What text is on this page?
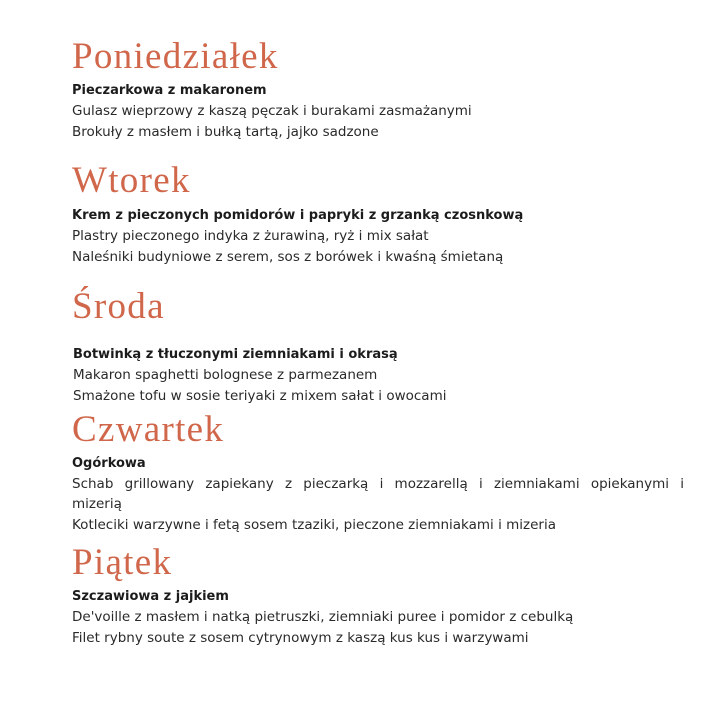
Poniedziałek

Pieczarkowa z makaronem

Gulasz wieprzowy z kaszą pęczak i burakami zasmażanymi

Brokuły z masłem i bułką tartą, jajko sadzone

Wtorek

Krem z pieczonych pomidorów i papryki z grzanką czosnkową

Plastry pieczonego indyka z żurawiną, ryż i mix sałat

Naleśniki budyniowe z serem, sos z borówek i kwaśną śmietaną

Środa

Botwinką z tłuczonymi ziemniakami i okrasą

Makaron spaghetti bolognese z parmezanem

Smażone tofu w sosie teriyaki z mixem sałat i owocami

Czwartek

Ogórkowa

Schab grillowany zapiekany z pieczarką i mozzarellą i ziemniakami opiekanymi i mizerią

Kotleciki warzywne i fetą sosem tzaziki, pieczone ziemniakami i mizeria

Piątek

Szczawiowa z jajkiem

De'voille z masłem i natką pietruszki, ziemniaki puree i pomidor z cebulką

Filet rybny soute z sosem cytrynowym z kaszą kus kus i warzywami
